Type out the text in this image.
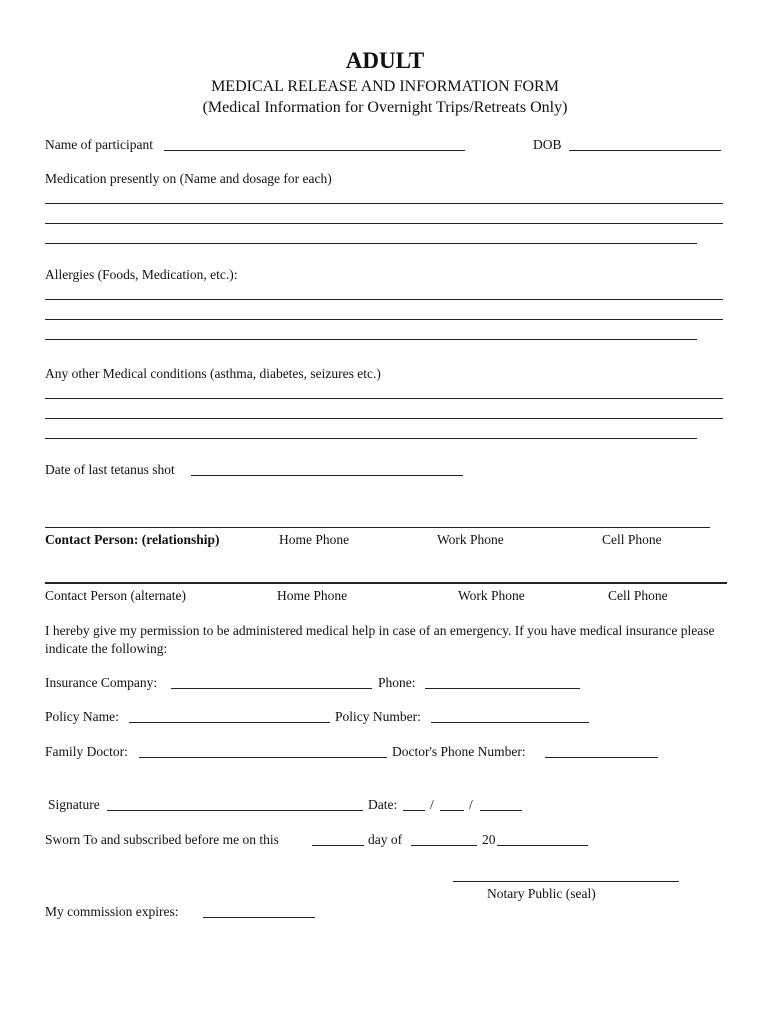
ADULT
MEDICAL RELEASE AND INFORMATION FORM
(Medical Information for Overnight Trips/Retreats Only)
Name of participant	DOB
Medication presently on (Name and dosage for each)
Allergies (Foods, Medication, etc.):
Any other Medical conditions (asthma, diabetes, seizures etc.)
Date of last tetanus shot
Contact Person: (relationship)	Home Phone	Work Phone	Cell Phone
Contact Person (alternate)	Home Phone	Work Phone	Cell Phone
I hereby give my permission to be administered medical help in case of an emergency. If you have medical insurance please indicate the following:
Insurance Company:	Phone:
Policy Name:	Policy Number:
Family Doctor:	Doctor's Phone Number:
Signature	Date: /	/
Sworn To and subscribed before me on this	day of	20
Notary Public (seal)
My commission expires:
